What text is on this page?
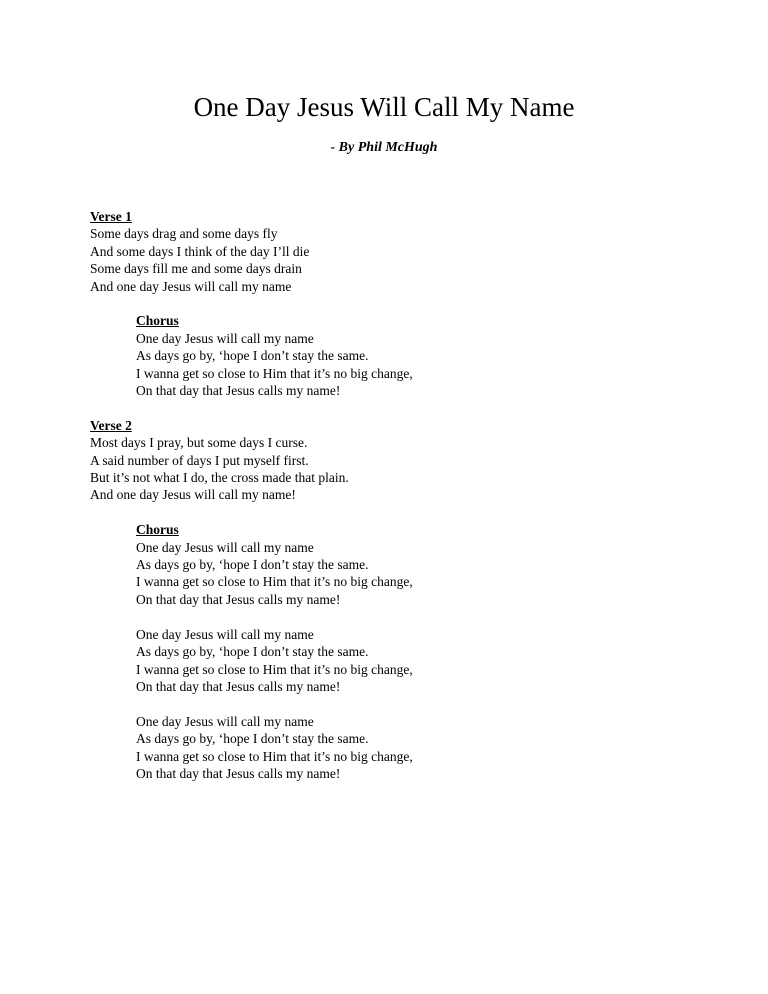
One Day Jesus Will Call My Name
- By Phil McHugh
Verse 1
Some days drag and some days fly
And some days I think of the day I’ll die
Some days fill me and some days drain
And one day Jesus will call my name
Chorus
One day Jesus will call my name
As days go by, ‘hope I don’t stay the same.
I wanna get so close to Him that it’s no big change,
On that day that Jesus calls my name!
Verse 2
Most days I pray, but some days I curse.
A said number of days I put myself first.
But it’s not what I do, the cross made that plain.
And one day Jesus will call my name!
Chorus
One day Jesus will call my name
As days go by, ‘hope I don’t stay the same.
I wanna get so close to Him that it’s no big change,
On that day that Jesus calls my name!
One day Jesus will call my name
As days go by, ‘hope I don’t stay the same.
I wanna get so close to Him that it’s no big change,
On that day that Jesus calls my name!
One day Jesus will call my name
As days go by, ‘hope I don’t stay the same.
I wanna get so close to Him that it’s no big change,
On that day that Jesus calls my name!
